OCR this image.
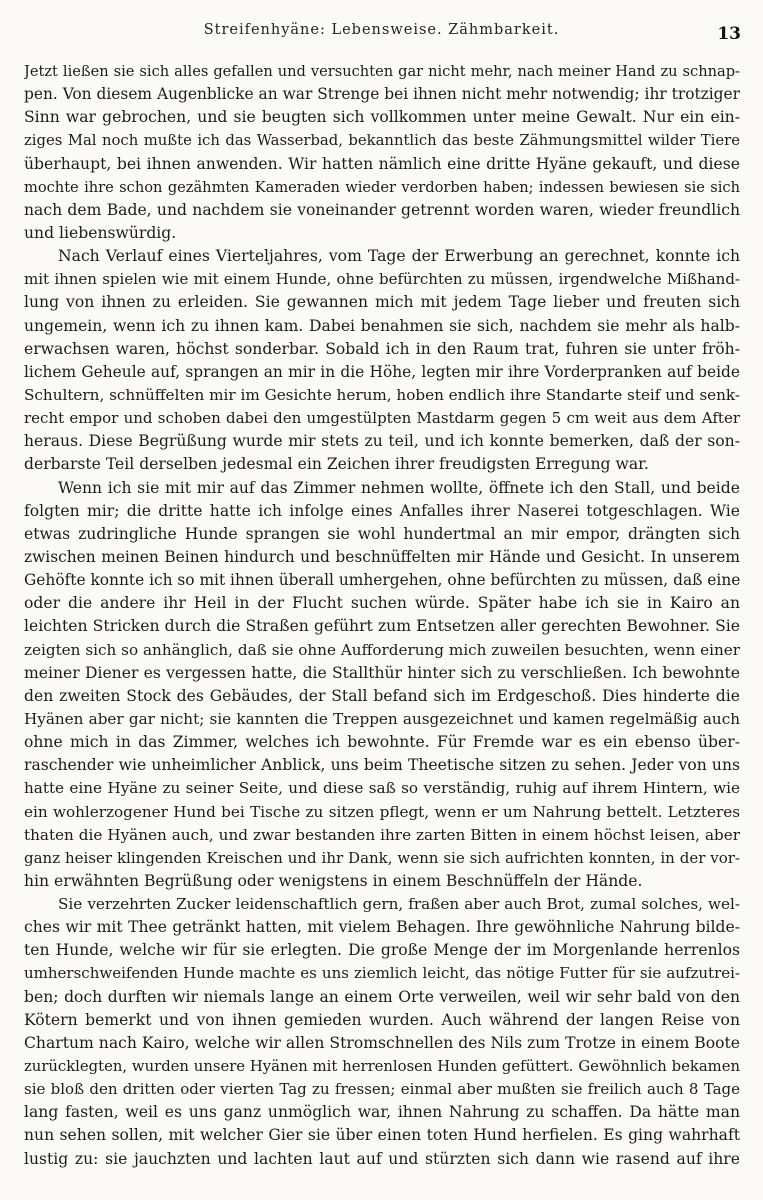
Streifenhyäne: Lebensweise. Zähmbarkeit.	13
Jetzt ließen sie sich alles gefallen und versuchten gar nicht mehr, nach meiner Hand zu schnap-
pen. Von diesem Augenblicke an war Strenge bei ihnen nicht mehr notwendig; ihr trotziger
Sinn war gebrochen, und sie beugten sich vollkommen unter meine Gewalt. Nur ein ein-
ziges Mal noch mußte ich das Wasserbad, bekanntlich das beste Zähmungsmittel wilder Tiere
überhaupt, bei ihnen anwenden. Wir hatten nämlich eine dritte Hyäne gekauft, und diese
mochte ihre schon gezähmten Kameraden wieder verdorben haben; indessen bewiesen sie sich
nach dem Bade, und nachdem sie voneinander getrennt worden waren, wieder freundlich
und liebenswürdig.
Nach Verlauf eines Vierteljahres, vom Tage der Erwerbung an gerechnet, konnte ich
mit ihnen spielen wie mit einem Hunde, ohne befürchten zu müssen, irgendwelche Mißhand-
lung von ihnen zu erleiden. Sie gewannen mich mit jedem Tage lieber und freuten sich
ungemein, wenn ich zu ihnen kam. Dabei benahmen sie sich, nachdem sie mehr als halb-
erwachsen waren, höchst sonderbar. Sobald ich in den Raum trat, fuhren sie unter fröh-
lichem Geheule auf, sprangen an mir in die Höhe, legten mir ihre Vorderpranken auf beide
Schultern, schnüffelten mir im Gesichte herum, hoben endlich ihre Standarte steif und senk-
recht empor und schoben dabei den umgestülpten Mastdarm gegen 5 cm weit aus dem After
heraus. Diese Begrüßung wurde mir stets zu teil, und ich konnte bemerken, daß der son-
derbarste Teil derselben jedesmal ein Zeichen ihrer freudigsten Erregung war.
Wenn ich sie mit mir auf das Zimmer nehmen wollte, öffnete ich den Stall, und beide
folgten mir; die dritte hatte ich infolge eines Anfalles ihrer Naserei totgeschlagen. Wie
etwas zudringliche Hunde sprangen sie wohl hundertmal an mir empor, drängten sich
zwischen meinen Beinen hindurch und beschnüffelten mir Hände und Gesicht. In unserem
Gehöfte konnte ich so mit ihnen überall umhergehen, ohne befürchten zu müssen, daß eine
oder die andere ihr Heil in der Flucht suchen würde. Später habe ich sie in Kairo an
leichten Stricken durch die Straßen geführt zum Entsetzen aller gerechten Bewohner. Sie
zeigten sich so anhänglich, daß sie ohne Aufforderung mich zuweilen besuchten, wenn einer
meiner Diener es vergessen hatte, die Stallthür hinter sich zu verschließen. Ich bewohnte
den zweiten Stock des Gebäudes, der Stall befand sich im Erdgeschoß. Dies hinderte die
Hyänen aber gar nicht; sie kannten die Treppen ausgezeichnet und kamen regelmäßig auch
ohne mich in das Zimmer, welches ich bewohnte. Für Fremde war es ein ebenso über-
raschender wie unheimlicher Anblick, uns beim Theetische sitzen zu sehen. Jeder von uns
hatte eine Hyäne zu seiner Seite, und diese saß so verständig, ruhig auf ihrem Hintern, wie
ein wohlerzogener Hund bei Tische zu sitzen pflegt, wenn er um Nahrung bettelt. Letzteres
thaten die Hyänen auch, und zwar bestanden ihre zarten Bitten in einem höchst leisen, aber
ganz heiser klingenden Kreischen und ihr Dank, wenn sie sich aufrichten konnten, in der vor-
hin erwähnten Begrüßung oder wenigstens in einem Beschnüffeln der Hände.
Sie verzehrten Zucker leidenschaftlich gern, fraßen aber auch Brot, zumal solches, wel-
ches wir mit Thee getränkt hatten, mit vielem Behagen. Ihre gewöhnliche Nahrung bilde-
ten Hunde, welche wir für sie erlegten. Die große Menge der im Morgenlande herrenlos
umherschweifenden Hunde machte es uns ziemlich leicht, das nötige Futter für sie aufzutrei-
ben; doch durften wir niemals lange an einem Orte verweilen, weil wir sehr bald von den
Kötern bemerkt und von ihnen gemieden wurden. Auch während der langen Reise von
Chartum nach Kairo, welche wir allen Stromschnellen des Nils zum Trotze in einem Boote
zurücklegten, wurden unsere Hyänen mit herrenlosen Hunden gefüttert. Gewöhnlich bekamen
sie bloß den dritten oder vierten Tag zu fressen; einmal aber mußten sie freilich auch 8 Tage
lang fasten, weil es uns ganz unmöglich war, ihnen Nahrung zu schaffen. Da hätte man
nun sehen sollen, mit welcher Gier sie über einen toten Hund herfielen. Es ging wahrhaft
lustig zu: sie jauchzten und lachten laut auf und stürzten sich dann wie rasend auf ihre
